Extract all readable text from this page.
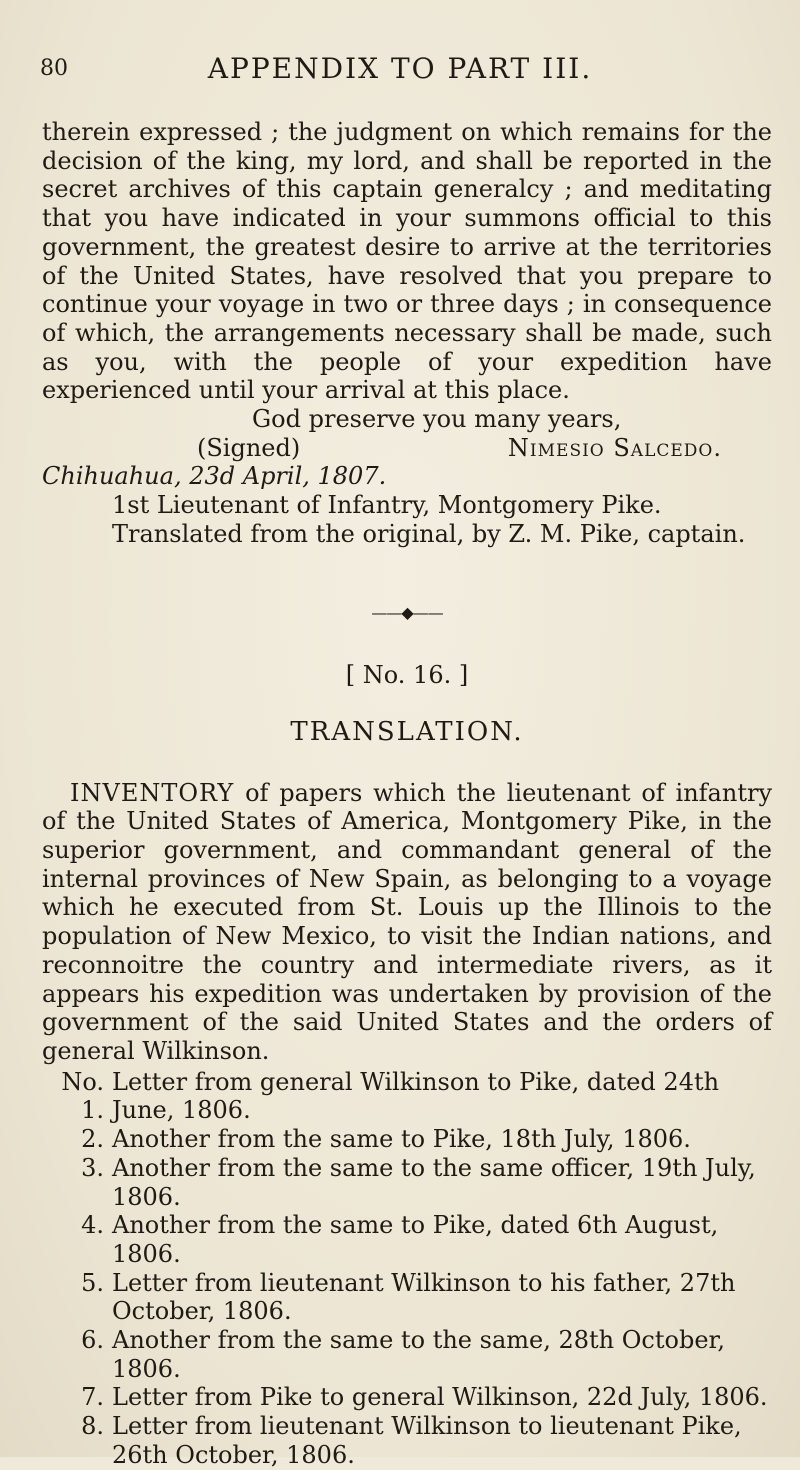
80	APPENDIX TO PART III.

therein expressed ; the judgment on which remains for the decision of the king, my lord, and shall be reported in the secret archives of this captain generalcy ; and meditating that you have indicated in your summons official to this government, the greatest desire to arrive at the territories of the United States, have resolved that you prepare to continue your voyage in two or three days ; in consequence of which, the arrangements necessary shall be made, such as you, with the people of your expedition have experienced until your arrival at this place.

God preserve you many years,

(Signed)	Nimesio Salcedo.

Chihuahua, 23d April, 1807.

1st Lieutenant of Infantry, Montgomery Pike.

Translated from the original, by Z. M. Pike, captain.

——◆——
[ No. 16. ]
TRANSLATION.

INVENTORY of papers which the lieutenant of infantry of the United States of America, Montgomery Pike, in the superior government, and commandant general of the internal provinces of New Spain, as belonging to a voyage which he executed from St. Louis up the Illinois to the population of New Mexico, to visit the Indian nations, and reconnoitre the country and intermediate rivers, as it appears his expedition was undertaken by provision of the government of the said United States and the orders of general Wilkinson.

No. 1.
Letter from general Wilkinson to Pike, dated 24th June, 1806.
2. Another from the same to Pike, 18th July, 1806.
3. Another from the same to the same officer, 19th July, 1806.
4. Another from the same to Pike, dated 6th August, 1806.
5. Letter from lieutenant Wilkinson to his father, 27th October, 1806.
6. Another from the same to the same, 28th October, 1806.
7. Letter from Pike to general Wilkinson, 22d July, 1806.
8. Letter from lieutenant Wilkinson to lieutenant Pike, 26th October, 1806.
